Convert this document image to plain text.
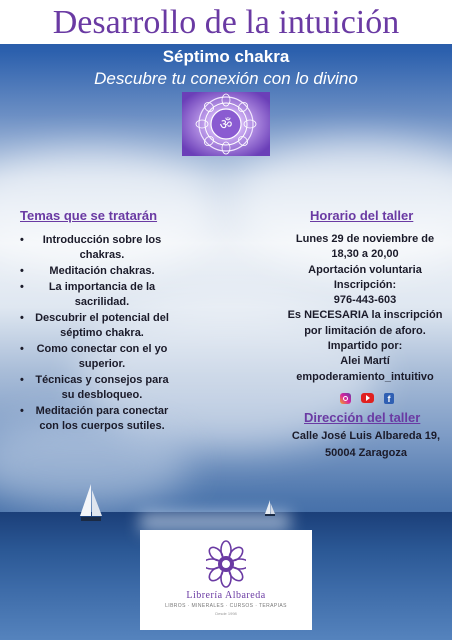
Desarrollo de la intuición
Séptimo chakra
Descubre tu conexión con lo divino
ॐ
Temas que se tratarán
• Introducción sobre los chakras.
• Meditación chakras.
• La importancia de la sacrilidad.
• Descubrir el potencial del séptimo chakra.
• Como conectar con el yo superior.
• Técnicas y consejos para su desbloqueo.
• Meditación para conectar con los cuerpos sutiles.
Horario del taller
Lunes 29 de noviembre de
18,30 a 20,00
Aportación voluntaria
Inscripción:
976-443-603
Es NECESARIA la inscripción
por limitación de aforo.
Impartido por:
Alei Martí
empoderamiento_intuitivo
f
Dirección del taller
Calle José Luis Albareda 19,
50004 Zaragoza
Librería Albareda
LIBROS · MINERALES · CURSOS · TERAPIAS
Desde 1998
